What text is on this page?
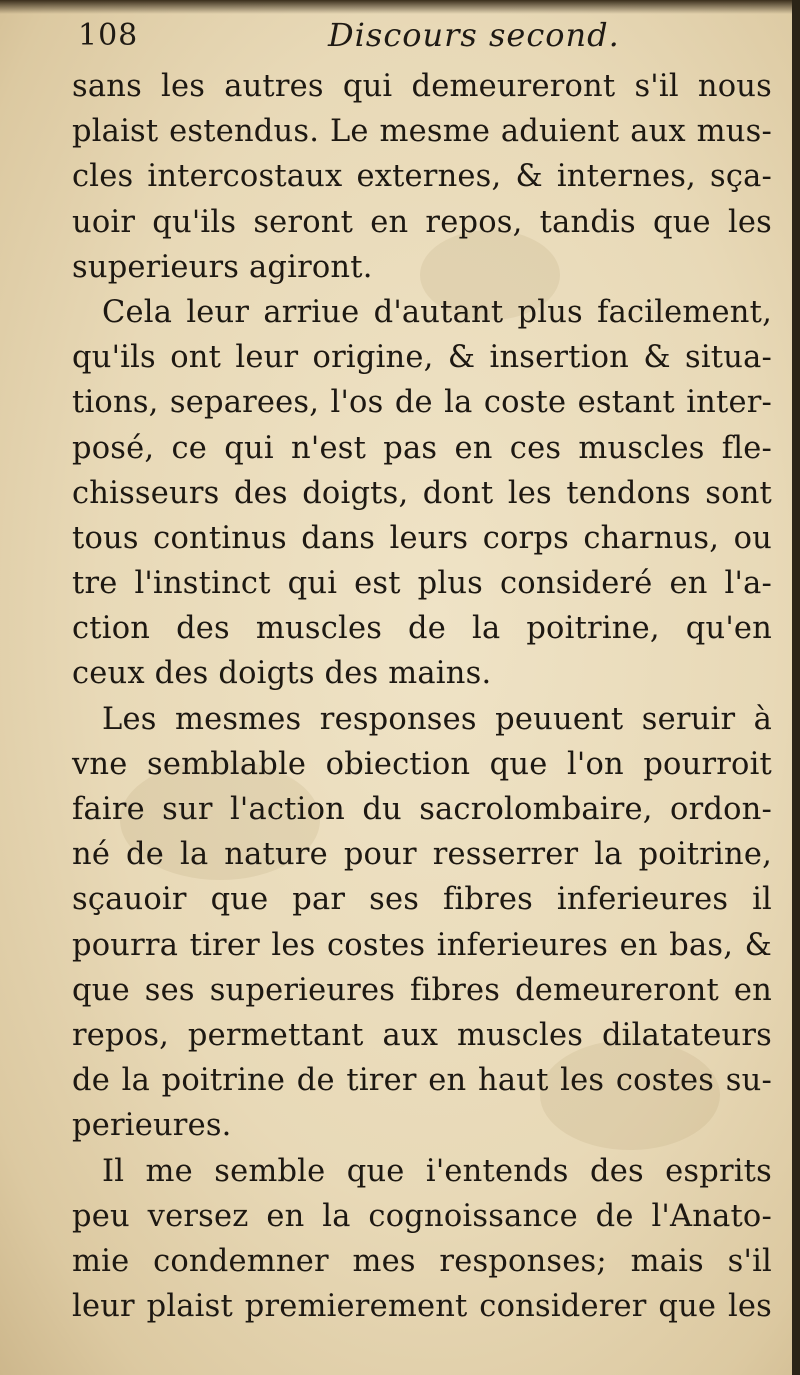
108	Discours second.
sans les autres qui demeureront s'il nous
plaist estendus. Le mesme aduient aux mus-
cles intercostaux externes, & internes, sça-
uoir qu'ils seront en repos, tandis que les
superieurs agiront.
Cela leur arriue d'autant plus facilement,
qu'ils ont leur origine, & insertion & situa-
tions, separees, l'os de la coste estant inter-
posé, ce qui n'est pas en ces muscles fle-
chisseurs des doigts, dont les tendons sont
tous continus dans leurs corps charnus, ou
tre l'instinct qui est plus consideré en l'a-
ction des muscles de la poitrine, qu'en
ceux des doigts des mains.
Les mesmes responses peuuent seruir à
vne semblable obiection que l'on pourroit
faire sur l'action du sacrolombaire, ordon-
né de la nature pour resserrer la poitrine,
sçauoir que par ses fibres inferieures il
pourra tirer les costes inferieures en bas, &
que ses superieures fibres demeureront en
repos, permettant aux muscles dilatateurs
de la poitrine de tirer en haut les costes su-
perieures.
Il me semble que i'entends des esprits
peu versez en la cognoissance de l'Anato-
mie condemner mes responses; mais s'il
leur plaist premierement considerer que les
